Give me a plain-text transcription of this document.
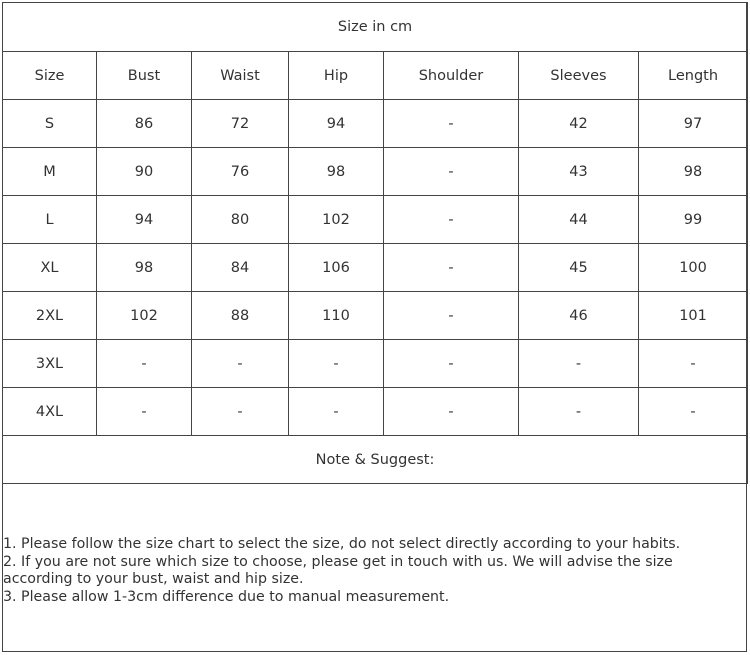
Size in cm						
Size	Bust	Waist	Hip	Shoulder	Sleeves	Length
S	86	72	94	-	42	97
M	90	76	98	-	43	98
L	94	80	102	-	44	99
XL	98	84	106	-	45	100
2XL	102	88	110	-	46	101
3XL	-	-	-	-	-	-
4XL	-	-	-	-	-	-
Note & Suggest:						
1. Please follow the size chart to select the size, do not select directly according to your habits.
2. If you are not sure which size to choose, please get in touch with us. We will advise the size according to your bust, waist and hip size.
3. Please allow 1-3cm difference due to manual measurement.
